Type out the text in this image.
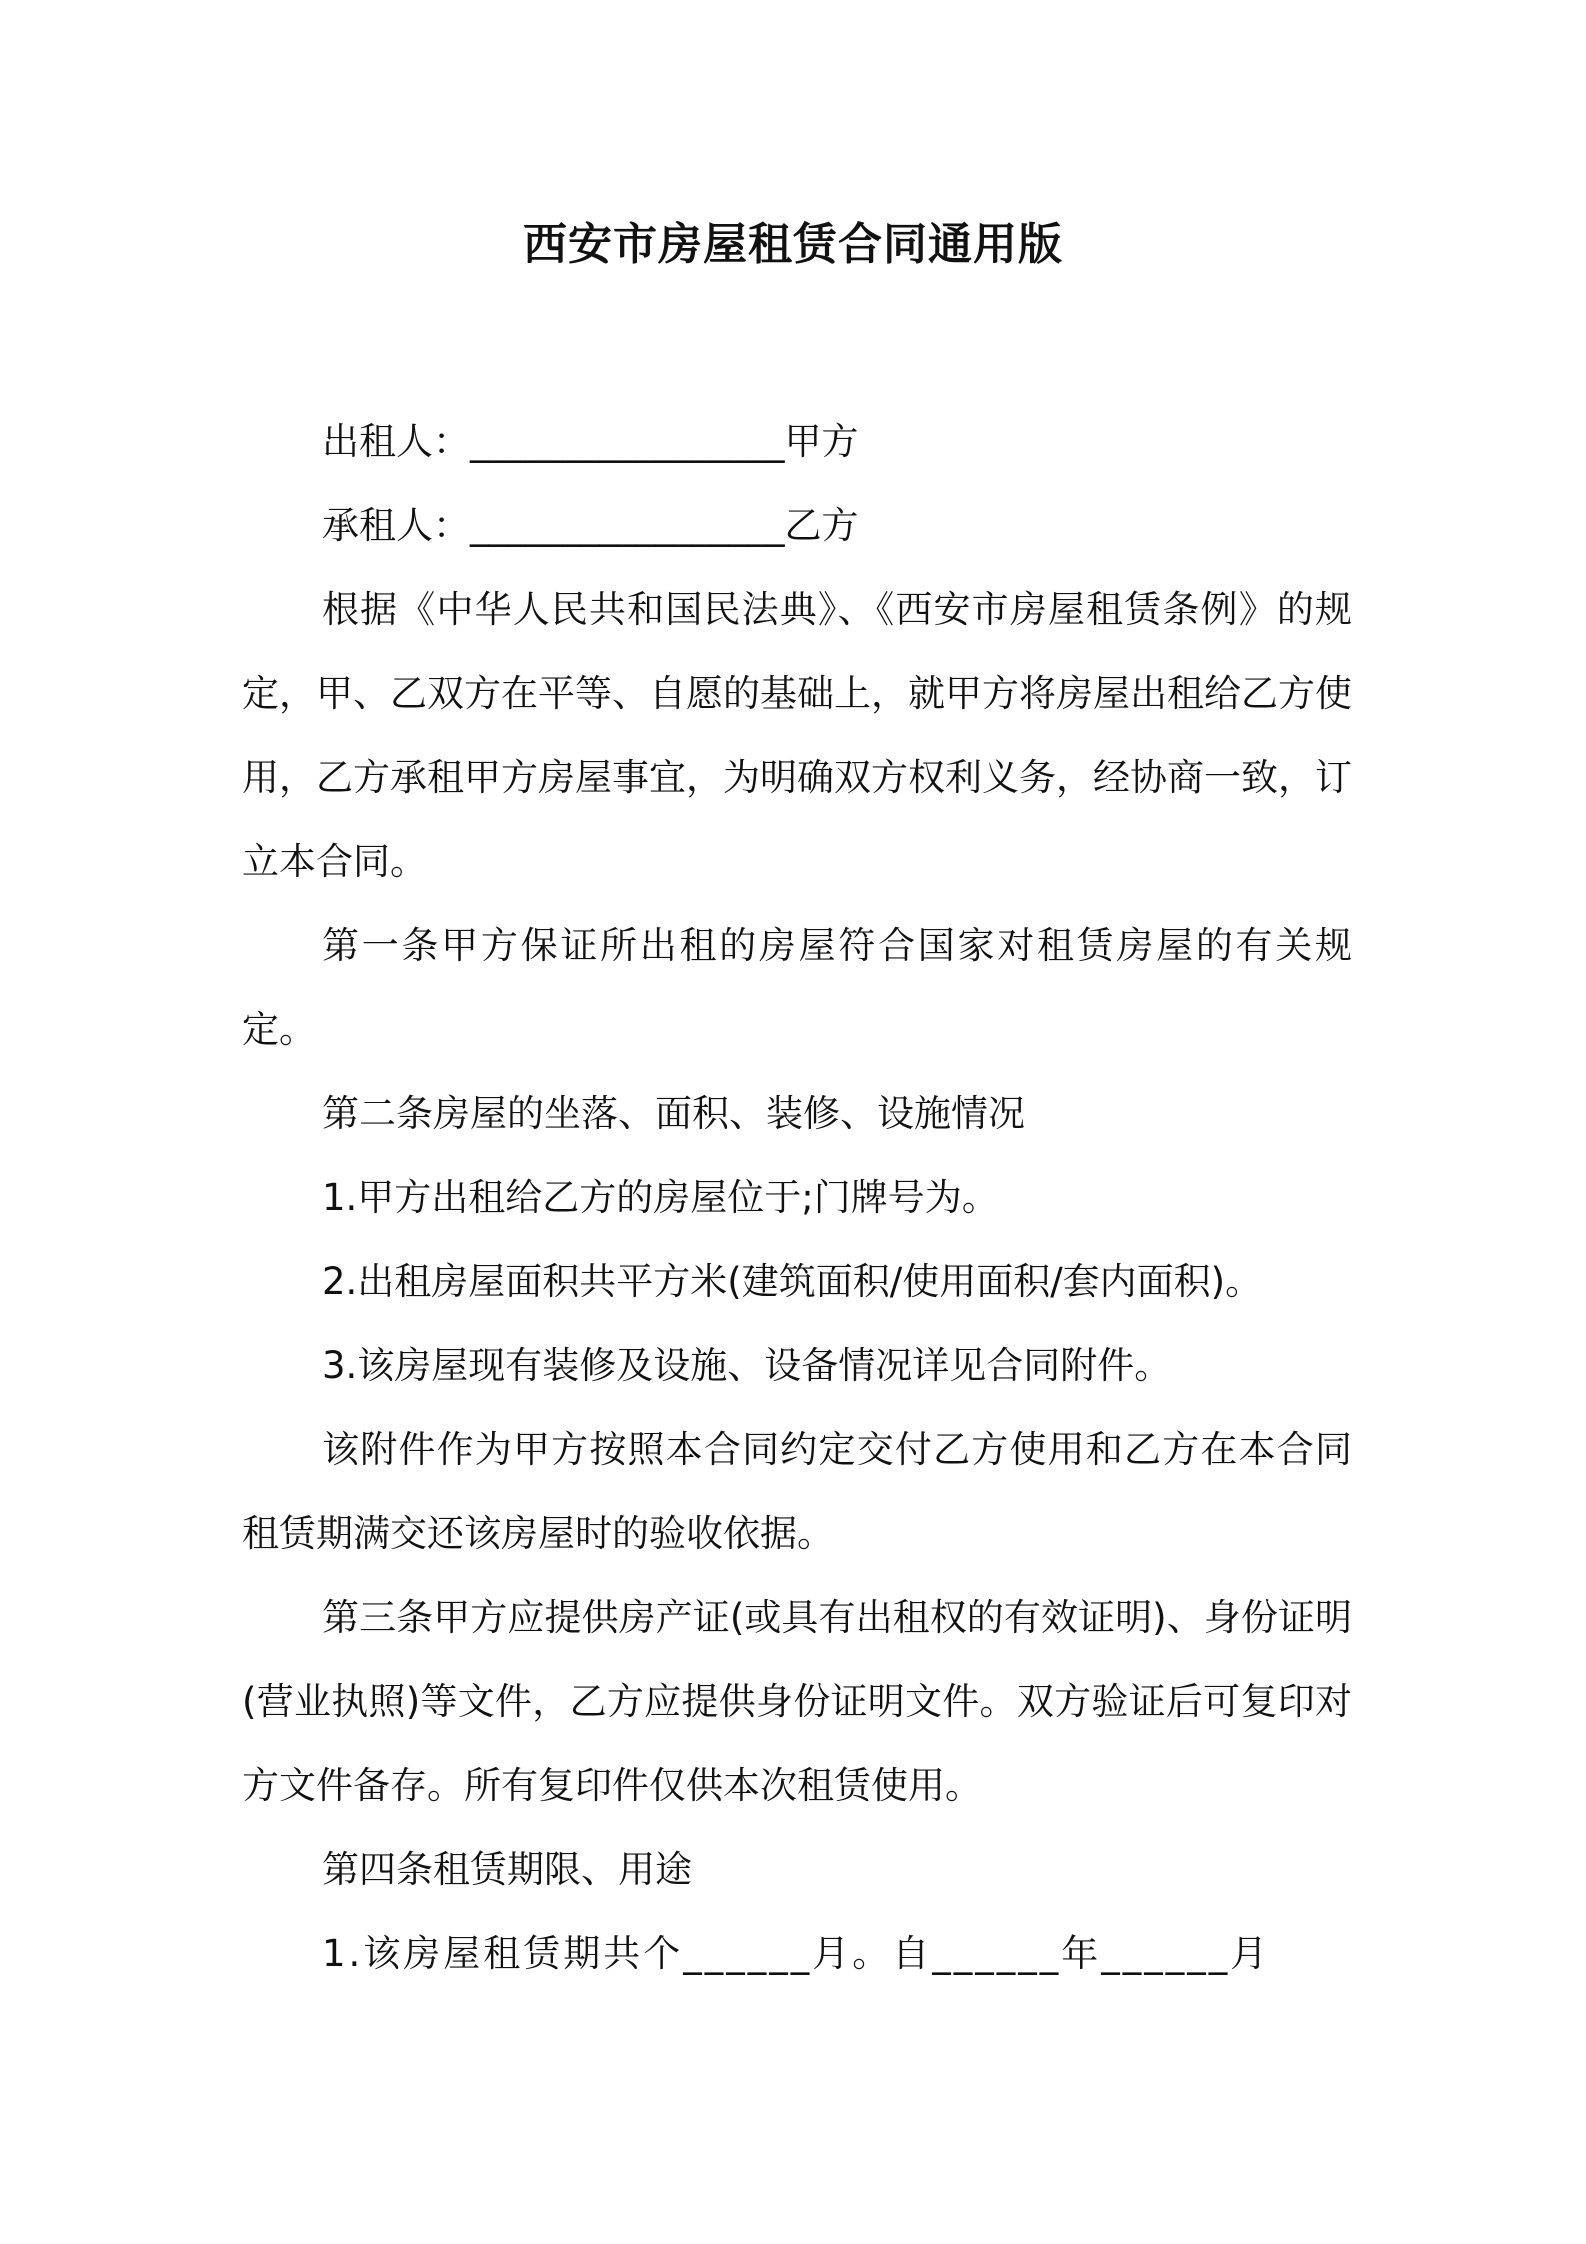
西安市房屋租赁合同通用版

出租人：_________________甲方

承租人：_________________乙方

根据《中华人民共和国民法典》、《西安市房屋租赁条例》的规定，甲、乙双方在平等、自愿的基础上，就甲方将房屋出租给乙方使用，乙方承租甲方房屋事宜，为明确双方权利义务，经协商一致，订立本合同。

第一条甲方保证所出租的房屋符合国家对租赁房屋的有关规定。

第二条房屋的坐落、面积、装修、设施情况

1.甲方出租给乙方的房屋位于;门牌号为。

2.出租房屋面积共平方米(建筑面积/使用面积/套内面积)。

3.该房屋现有装修及设施、设备情况详见合同附件。

该附件作为甲方按照本合同约定交付乙方使用和乙方在本合同租赁期满交还该房屋时的验收依据。

第三条甲方应提供房产证(或具有出租权的有效证明)、身份证明(营业执照)等文件，乙方应提供身份证明文件。双方验证后可复印对方文件备存。所有复印件仅供本次租赁使用。

第四条租赁期限、用途

1.该房屋租赁期共个______月。自______年______月
